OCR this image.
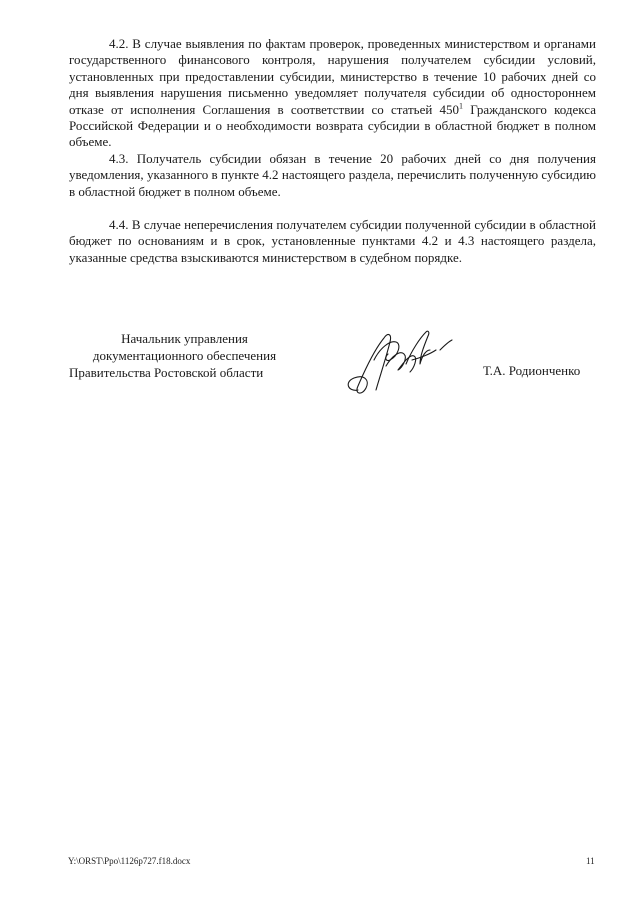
4.2. В случае выявления по фактам проверок, проведенных министерством и органами государственного финансового контроля, нарушения получателем субсидии условий, установленных при предоставлении субсидии, министерство в течение 10 рабочих дней со дня выявления нарушения письменно уведомляет получателя субсидии об одностороннем отказе от исполнения Соглашения в соответствии со статьей $450^1$ Гражданского кодекса Российской Федерации и о необходимости возврата субсидии в областной бюджет в полном объеме.

4.3. Получатель субсидии обязан в течение 20 рабочих дней со дня получения уведомления, указанного в пункте 4.2 настоящего раздела, перечислить полученную субсидию в областной бюджет в полном объеме.

4.4. В случае неперечисления получателем субсидии полученной субсидии в областной бюджет по основаниям и в срок, установленные пунктами 4.2 и 4.3 настоящего раздела, указанные средства взыскиваются министерством в судебном порядке.

Начальник управления
документационного обеспечения
Правительства Ростовской области	Т.А. Родионченко
Y:\ORST\Ppo\1126p727.f18.docx	11
